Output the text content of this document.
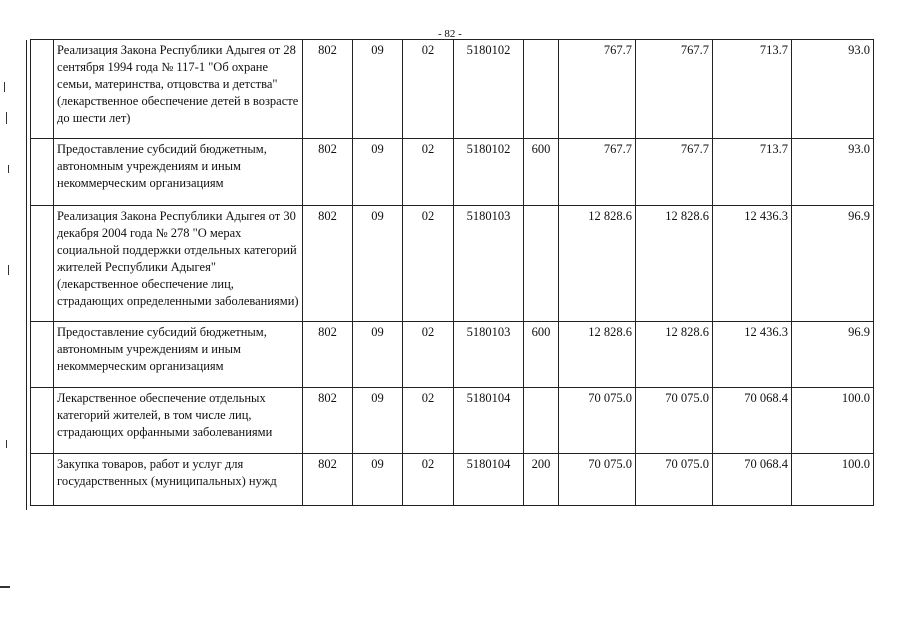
- 82 -
	Реализация Закона Республики Адыгея от 28 сентября 1994 года № 117-1 "Об охране семьи, материнства, отцовства и детства" (лекарственное обеспечение детей в возрасте до шести лет)	802	09	02	5180102		767.7	767.7	713.7	93.0
	Предоставление субсидий бюджетным, автономным учреждениям и иным некоммерческим организациям	802	09	02	5180102	600	767.7	767.7	713.7	93.0
	Реализация Закона Республики Адыгея от 30 декабря 2004 года № 278 "О мерах социальной поддержки отдельных категорий жителей Республики Адыгея" (лекарственное обеспечение лиц, страдающих определенными заболеваниями)	802	09	02	5180103		12 828.6	12 828.6	12 436.3	96.9
	Предоставление субсидий бюджетным, автономным учреждениям и иным некоммерческим организациям	802	09	02	5180103	600	12 828.6	12 828.6	12 436.3	96.9
	Лекарственное обеспечение отдельных категорий жителей, в том числе лиц, страдающих орфанными заболеваниями	802	09	02	5180104		70 075.0	70 075.0	70 068.4	100.0
	Закупка товаров, работ и услуг для государственных (муниципальных) нужд	802	09	02	5180104	200	70 075.0	70 075.0	70 068.4	100.0
